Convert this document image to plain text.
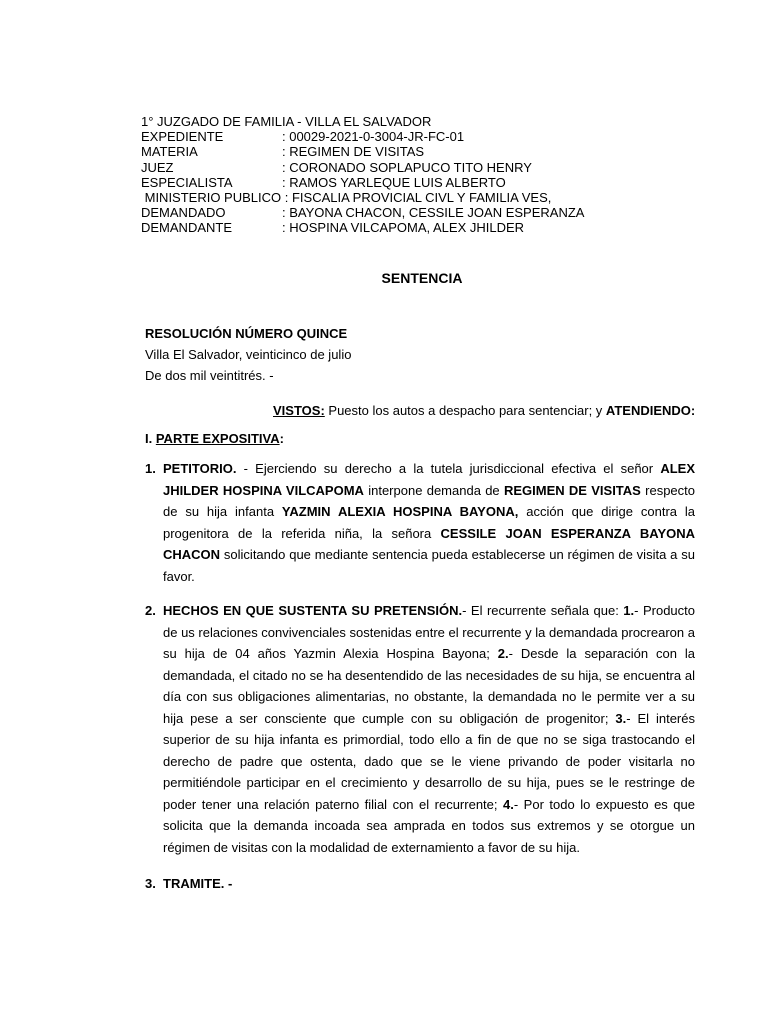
1° JUZGADO DE FAMILIA - VILLA EL SALVADOR
EXPEDIENTE	: 00029-2021-0-3004-JR-FC-01
MATERIA	: REGIMEN DE VISITAS
JUEZ	: CORONADO SOPLAPUCO TITO HENRY
ESPECIALISTA	: RAMOS YARLEQUE LUIS ALBERTO
MINISTERIO PUBLICO : FISCALIA PROVICIAL CIVL Y FAMILIA VES,
DEMANDADO	: BAYONA CHACON, CESSILE JOAN ESPERANZA
DEMANDANTE	: HOSPINA VILCAPOMA, ALEX JHILDER
SENTENCIA
RESOLUCIÓN NÚMERO QUINCE
Villa El Salvador, veinticinco de julio
De dos mil veintitrés. -
VISTOS: Puesto los autos a despacho para sentenciar; y ATENDIENDO:
I. PARTE EXPOSITIVA:
1. PETITORIO. - Ejerciendo su derecho a la tutela jurisdiccional efectiva el señor ALEX JHILDER HOSPINA VILCAPOMA interpone demanda de REGIMEN DE VISITAS respecto de su hija infanta YAZMIN ALEXIA HOSPINA BAYONA, acción que dirige contra la progenitora de la referida niña, la señora CESSILE JOAN ESPERANZA BAYONA CHACON solicitando que mediante sentencia pueda establecerse un régimen de visita a su favor.
2. HECHOS EN QUE SUSTENTA SU PRETENSIÓN.- El recurrente señala que: 1.- Producto de us relaciones convivenciales sostenidas entre el recurrente y la demandada procrearon a su hija de 04 años Yazmin Alexia Hospina Bayona; 2.- Desde la separación con la demandada, el citado no se ha desentendido de las necesidades de su hija, se encuentra al día con sus obligaciones alimentarias, no obstante, la demandada no le permite ver a su hija pese a ser consciente que cumple con su obligación de progenitor; 3.- El interés superior de su hija infanta es primordial, todo ello a fin de que no se siga trastocando el derecho de padre que ostenta, dado que se le viene privando de poder visitarla no permitiéndole participar en el crecimiento y desarrollo de su hija, pues se le restringe de poder tener una relación paterno filial con el recurrente; 4.- Por todo lo expuesto es que solicita que la demanda incoada sea amprada en todos sus extremos y se otorgue un régimen de visitas con la modalidad de externamiento a favor de su hija.
3. TRAMITE. -
